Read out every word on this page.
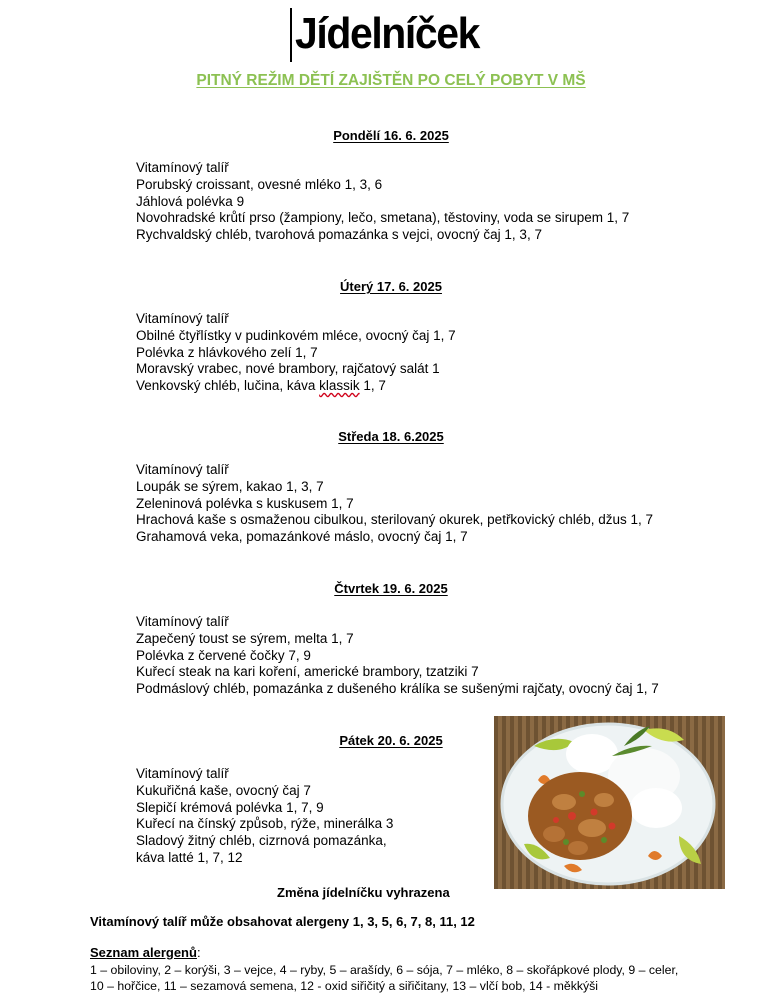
Jídelníček
PITNÝ REŽIM DĚTÍ ZAJIŠTĚN PO CELÝ POBYT V MŠ
Pondělí 16. 6. 2025
Vitamínový talíř
Porubský croissant, ovesné mléko 1, 3, 6
Jáhlová polévka 9
Novohradské krůtí prso (žampiony, lečo, smetana), těstoviny, voda se sirupem 1, 7
Rychvaldský chléb, tvarohová pomazánka s vejci, ovocný čaj 1, 3, 7
Úterý 17. 6. 2025
Vitamínový talíř
Obilné čtyřlístky v pudinkovém mléce, ovocný čaj 1, 7
Polévka z hlávkového zelí 1, 7
Moravský vrabec, nové brambory, rajčatový salát 1
Venkovský chléb, lučina, káva klassik 1, 7
Středa 18. 6.2025
Vitamínový talíř
Loupák se sýrem, kakao 1, 3, 7
Zeleninová polévka s kuskusem 1, 7
Hrachová kaše s osmaženou cibulkou, sterilovaný okurek, petřkovický chléb, džus 1, 7
Grahamová veka, pomazánkové máslo, ovocný čaj 1, 7
Čtvrtek 19. 6. 2025
Vitamínový talíř
Zapečený toust se sýrem, melta 1, 7
Polévka z červené čočky 7, 9
Kuřecí steak na kari koření, americké brambory, tzatziki 7
Podmáslový chléb, pomazánka z dušeného králíka se sušenými rajčaty, ovocný čaj 1, 7
Pátek 20. 6. 2025
Vitamínový talíř
Kukuřičná kaše, ovocný čaj 7
Slepičí krémová polévka 1, 7, 9
Kuřecí na čínský způsob, rýže, minerálka 3
Sladový žitný chléb, cizrnová pomazánka,
káva latté 1, 7, 12
Změna jídelníčku vyhrazena
Vitamínový talíř může obsahovat alergeny 1, 3, 5, 6, 7, 8, 11, 12
Seznam alergenů:
1 – obiloviny, 2 – korýši, 3 – vejce, 4 – ryby, 5 – arašídy, 6 – sója, 7 – mléko, 8 – skořápkové plody, 9 – celer,
10 – hořčice, 11 – sezamová semena, 12 - oxid siřičitý a siřičitany, 13 – vlčí bob, 14 - měkkýši
